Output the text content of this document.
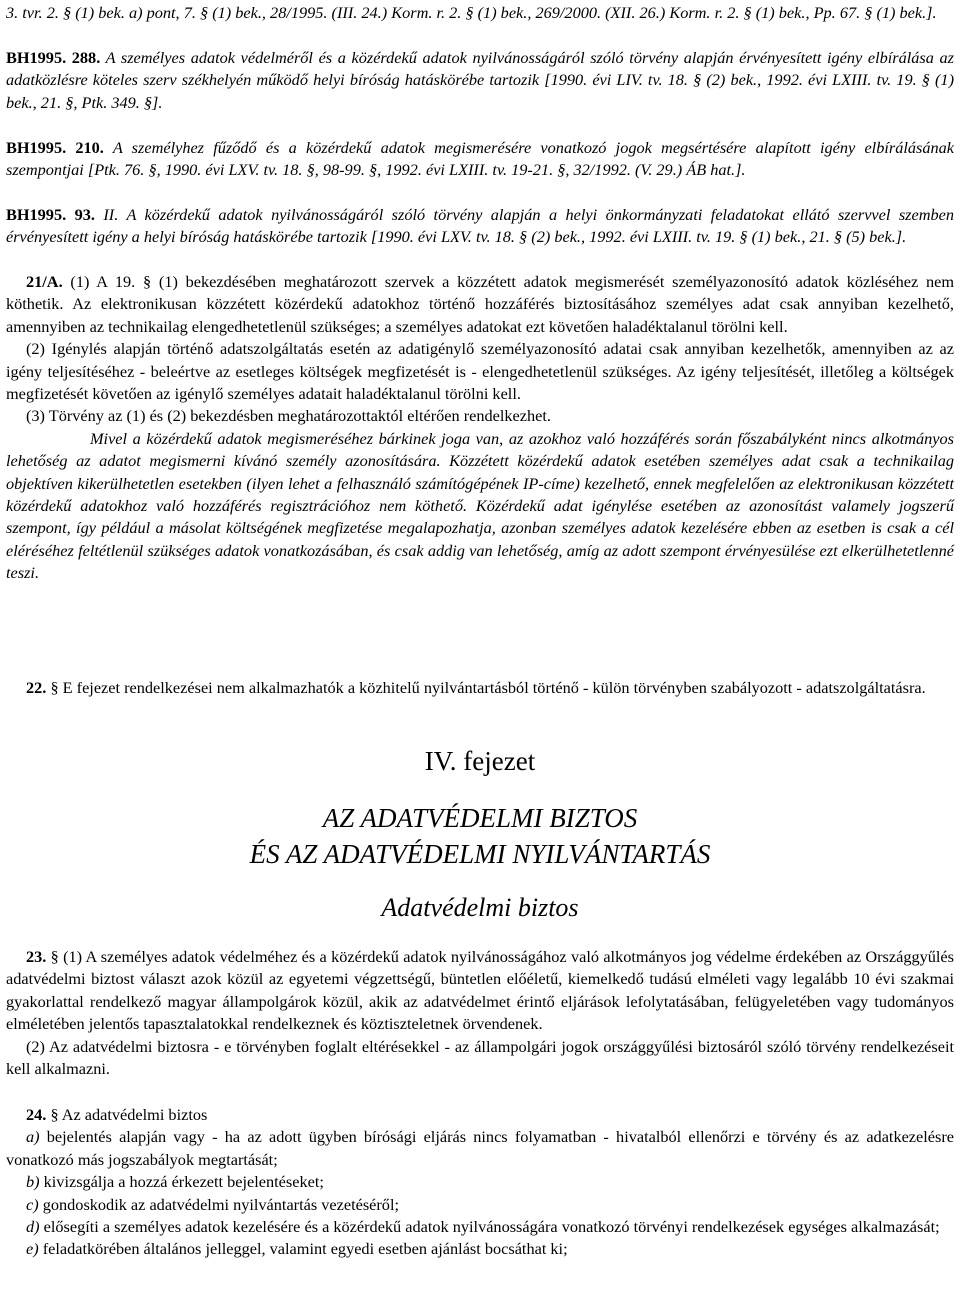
3. tvr. 2. § (1) bek. a) pont, 7. § (1) bek., 28/1995. (III. 24.) Korm. r. 2. § (1) bek., 269/2000. (XII. 26.) Korm. r. 2. § (1) bek., Pp. 67. § (1) bek.].

BH1995. 288. A személyes adatok védelméről és a közérdekű adatok nyilvánosságáról szóló törvény alapján érvényesített igény elbírálása az adatközlésre köteles szerv székhelyén működő helyi bíróság hatáskörébe tartozik [1990. évi LIV. tv. 18. § (2) bek., 1992. évi LXIII. tv. 19. § (1) bek., 21. §, Ptk. 349. §].

BH1995. 210. A személyhez fűződő és a közérdekű adatok megismerésére vonatkozó jogok megsértésére alapított igény elbírálásának szempontjai [Ptk. 76. §, 1990. évi LXV. tv. 18. §, 98-99. §, 1992. évi LXIII. tv. 19-21. §, 32/1992. (V. 29.) ÁB hat.].

BH1995. 93. II. A közérdekű adatok nyilvánosságáról szóló törvény alapján a helyi önkormányzati feladatokat ellátó szervvel szemben érvényesített igény a helyi bíróság hatáskörébe tartozik [1990. évi LXV. tv. 18. § (2) bek., 1992. évi LXIII. tv. 19. § (1) bek., 21. § (5) bek.].

21/A. (1) A 19. § (1) bekezdésében meghatározott szervek a közzétett adatok megismerését személyazonosító adatok közléséhez nem köthetik. Az elektronikusan közzétett közérdekű adatokhoz történő hozzáférés biztosításához személyes adat csak annyiban kezelhető, amennyiben az technikailag elengedhetetlenül szükséges; a személyes adatokat ezt követően haladéktalanul törölni kell.

(2) Igénylés alapján történő adatszolgáltatás esetén az adatigénylő személyazonosító adatai csak annyiban kezelhetők, amennyiben az az igény teljesítéséhez - beleértve az esetleges költségek megfizetését is - elengedhetetlenül szükséges. Az igény teljesítését, illetőleg a költségek megfizetését követően az igénylő személyes adatait haladéktalanul törölni kell.

(3) Törvény az (1) és (2) bekezdésben meghatározottaktól eltérően rendelkezhet.

Mivel a közérdekű adatok megismeréséhez bárkinek joga van, az azokhoz való hozzáférés során főszabályként nincs alkotmányos lehetőség az adatot megismerni kívánó személy azonosítására. Közzétett közérdekű adatok esetében személyes adat csak a technikailag objektíven kikerülhetetlen esetekben (ilyen lehet a felhasználó számítógépének IP-címe) kezelhető, ennek megfelelően az elektronikusan közzétett közérdekű adatokhoz való hozzáférés regisztrációhoz nem köthető. Közérdekű adat igénylése esetében az azonosítást valamely jogszerű szempont, így például a másolat költségének megfizetése megalapozhatja, azonban személyes adatok kezelésére ebben az esetben is csak a cél eléréséhez feltétlenül szükséges adatok vonatkozásában, és csak addig van lehetőség, amíg az adott szempont érvényesülése ezt elkerülhetetlenné teszi.

22. § E fejezet rendelkezései nem alkalmazhatók a közhitelű nyilvántartásból történő - külön törvényben szabályozott - adatszolgáltatásra.

IV. fejezet
AZ ADATVÉDELMI BIZTOS
ÉS AZ ADATVÉDELMI NYILVÁNTARTÁS
Adatvédelmi biztos

23. § (1) A személyes adatok védelméhez és a közérdekű adatok nyilvánosságához való alkotmányos jog védelme érdekében az Országgyűlés adatvédelmi biztost választ azok közül az egyetemi végzettségű, büntetlen előéletű, kiemelkedő tudású elméleti vagy legalább 10 évi szakmai gyakorlattal rendelkező magyar állampolgárok közül, akik az adatvédelmet érintő eljárások lefolytatásában, felügyeletében vagy tudományos elméletében jelentős tapasztalatokkal rendelkeznek és köztiszteletnek örvendenek.

(2) Az adatvédelmi biztosra - e törvényben foglalt eltérésekkel - az állampolgári jogok országgyűlési biztosáról szóló törvény rendelkezéseit kell alkalmazni.

24. § Az adatvédelmi biztos

a) bejelentés alapján vagy - ha az adott ügyben bírósági eljárás nincs folyamatban - hivatalból ellenőrzi e törvény és az adatkezelésre vonatkozó más jogszabályok megtartását;

b) kivizsgálja a hozzá érkezett bejelentéseket;

c) gondoskodik az adatvédelmi nyilvántartás vezetéséről;

d) elősegíti a személyes adatok kezelésére és a közérdekű adatok nyilvánosságára vonatkozó törvényi rendelkezések egységes alkalmazását;

e) feladatkörében általános jelleggel, valamint egyedi esetben ajánlást bocsáthat ki;
